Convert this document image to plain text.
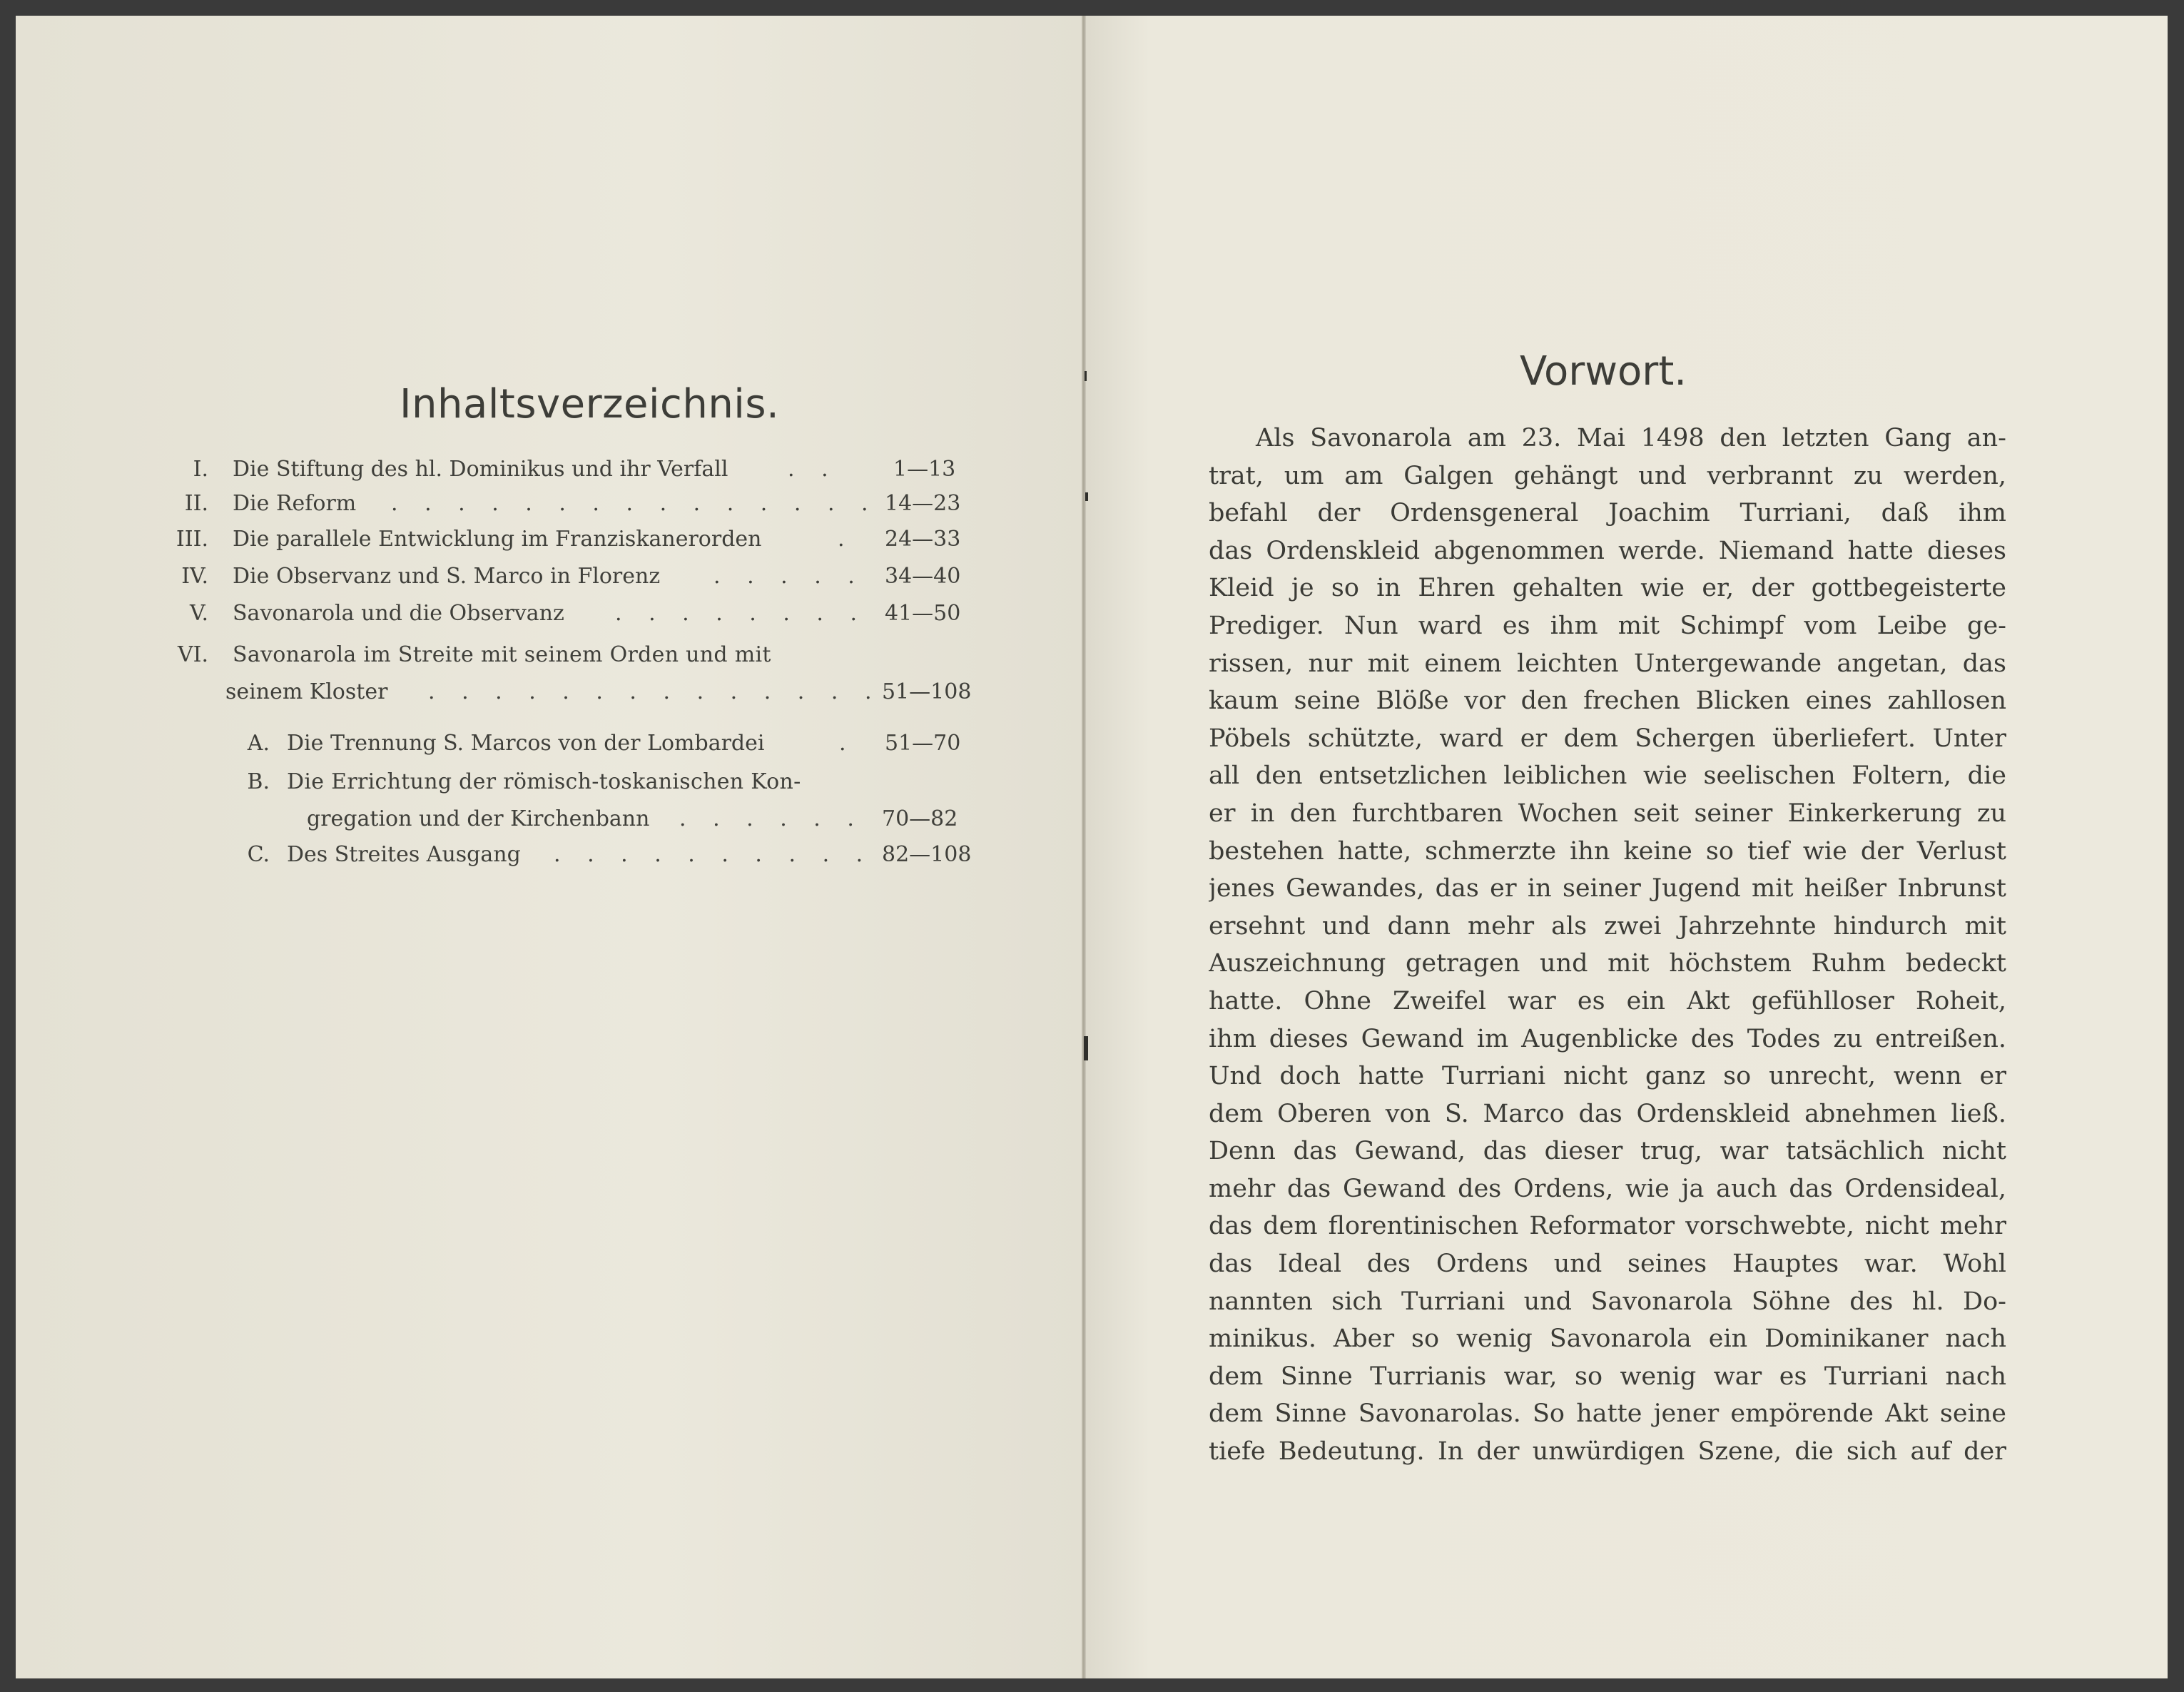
Inhaltsverzeichnis.
I. Die Stiftung des hl. Dominikus und ihr Verfall	. .	1—13
II. Die Reform . . . . . . . . . . . . . . . 14—23
III. Die parallele Entwicklung im Franziskanerorden	. 24—33
IV. Die Observanz und S. Marco in Florenz . . . . . 34—40
V. Savonarola und die Observanz . . . . . . . . 41—50
VI. Savonarola im Streite mit seinem Orden und mit
seinem Kloster . . . . . . . . . . . . . . 51—108
A. Die Trennung S. Marcos von der Lombardei	. 51—70
B. Die Errichtung der römisch-toskanischen Kon-
gregation und der Kirchenbann . . . . . . 70—82
C. Des Streites Ausgang . . . . . . . . . . 82—108
Vorwort.
Als Savonarola am 23. Mai 1498 den letzten Gang an-
trat, um am Galgen gehängt und verbrannt zu werden,
befahl der Ordensgeneral Joachim Turriani, daß ihm
das Ordenskleid abgenommen werde. Niemand hatte dieses
Kleid je so in Ehren gehalten wie er, der gottbegeisterte
Prediger. Nun ward es ihm mit Schimpf vom Leibe ge-
rissen, nur mit einem leichten Untergewande angetan, das
kaum seine Blöße vor den frechen Blicken eines zahllosen
Pöbels schützte, ward er dem Schergen überliefert. Unter
all den entsetzlichen leiblichen wie seelischen Foltern, die
er in den furchtbaren Wochen seit seiner Einkerkerung zu
bestehen hatte, schmerzte ihn keine so tief wie der Verlust
jenes Gewandes, das er in seiner Jugend mit heißer Inbrunst
ersehnt und dann mehr als zwei Jahrzehnte hindurch mit
Auszeichnung getragen und mit höchstem Ruhm bedeckt
hatte. Ohne Zweifel war es ein Akt gefühlloser Roheit,
ihm dieses Gewand im Augenblicke des Todes zu entreißen.
Und doch hatte Turriani nicht ganz so unrecht, wenn er
dem Oberen von S. Marco das Ordenskleid abnehmen ließ.
Denn das Gewand, das dieser trug, war tatsächlich nicht
mehr das Gewand des Ordens, wie ja auch das Ordensideal,
das dem florentinischen Reformator vorschwebte, nicht mehr
das Ideal des Ordens und seines Hauptes war. Wohl
nannten sich Turriani und Savonarola Söhne des hl. Do-
minikus. Aber so wenig Savonarola ein Dominikaner nach
dem Sinne Turrianis war, so wenig war es Turriani nach
dem Sinne Savonarolas. So hatte jener empörende Akt seine
tiefe Bedeutung. In der unwürdigen Szene, die sich auf der
